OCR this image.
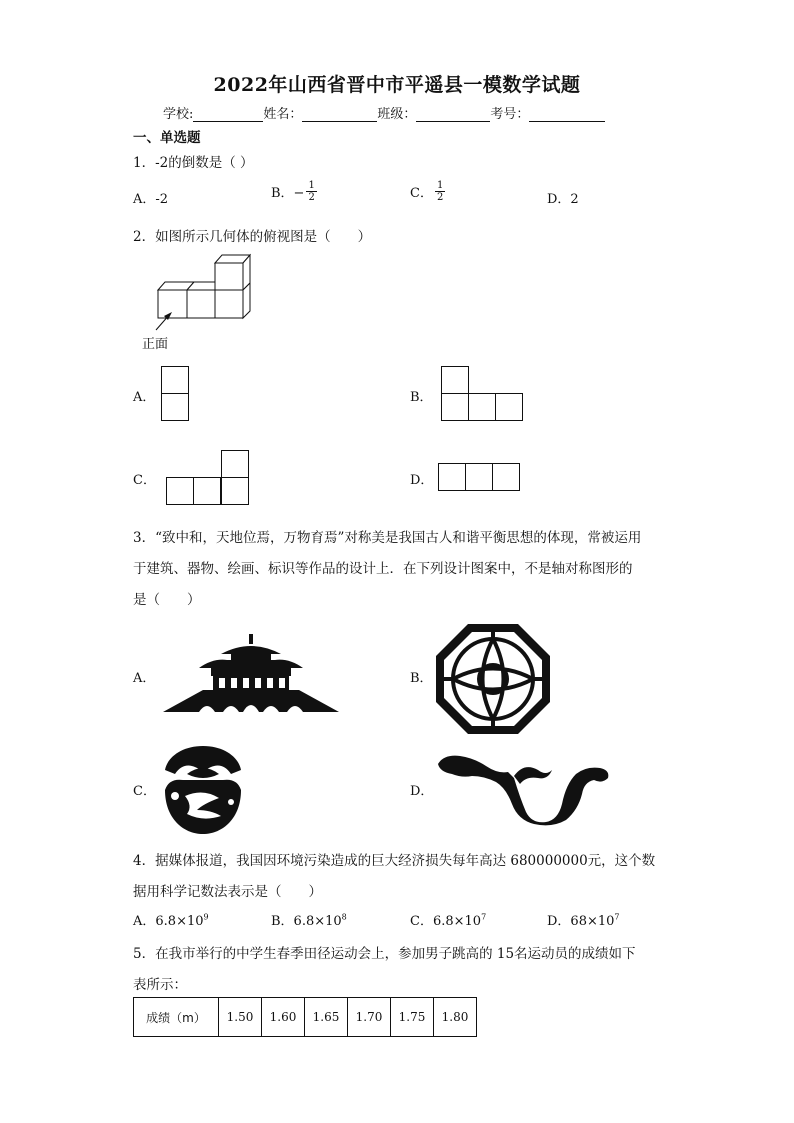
2022年山西省晋中市平遥县一模数学试题
学校:	姓名：	班级：	考号：
一、单选题
1．-2的倒数是（ ）
A．-2	B．− $\frac{1}{2}$	C． $\frac{1}{2}$	D．2
2．如图所示几何体的俯视图是（　　）
正面
A．	B．
C．	D．
3．“致中和，天地位焉，万物育焉”对称美是我国古人和谐平衡思想的体现，常被运用
于建筑、器物、绘画、标识等作品的设计上．在下列设计图案中，不是轴对称图形的
是（　　）
A．	B．
C．	D．
4．据媒体报道，我国因环境污染造成的巨大经济损失每年高达 680000000元，这个数
据用科学记数法表示是（　　）
A．$6.8\times 10^9$	B．$6.8\times 10^8$	C．$6.8\times 10^7$	D．$68\times 10^7$
5．在我市举行的中学生春季田径运动会上，参加男子跳高的 15名运动员的成绩如下
表所示：
成绩（m）	1.50	1.60	1.65	1.70	1.75	1.80
